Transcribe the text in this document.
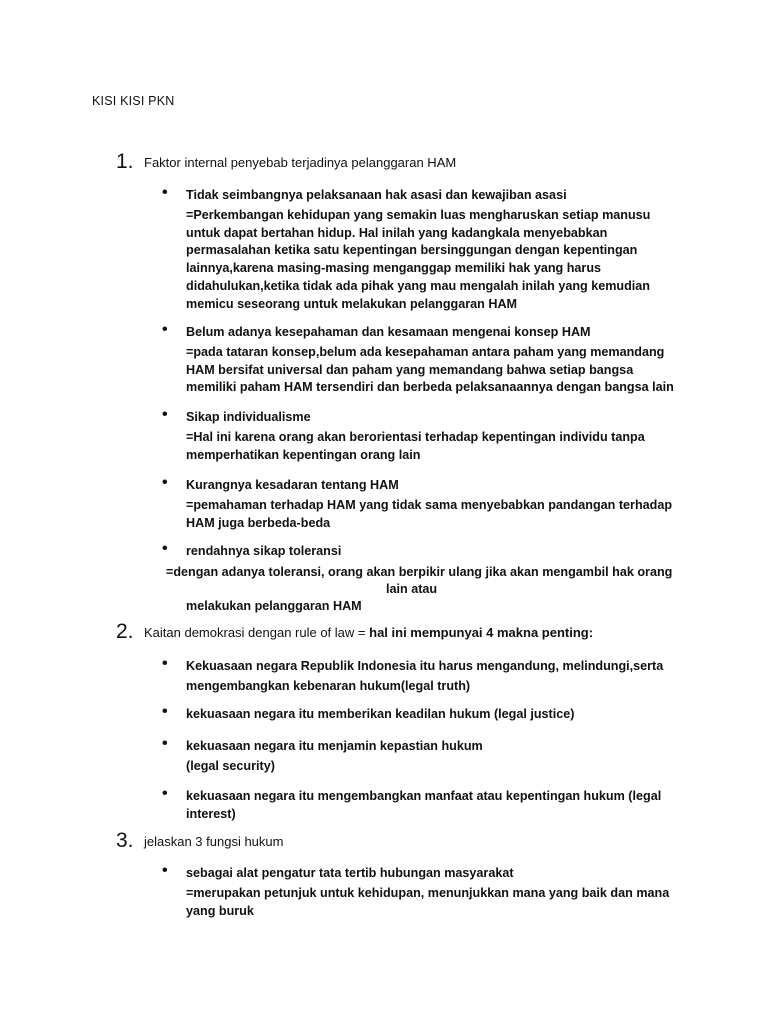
KISI KISI PKN
1. Faktor internal penyebab terjadinya pelanggaran HAM
• Tidak seimbangnya pelaksanaan hak asasi dan kewajiban asasi
=Perkembangan kehidupan yang semakin luas mengharuskan setiap manusu
untuk dapat bertahan hidup. Hal inilah yang kadangkala menyebabkan
permasalahan ketika satu kepentingan bersinggungan dengan kepentingan
lainnya,karena masing-masing menganggap memiliki hak yang harus
didahulukan,ketika tidak ada pihak yang mau mengalah inilah yang kemudian
memicu seseorang untuk melakukan pelanggaran HAM
• Belum adanya kesepahaman dan kesamaan mengenai konsep HAM
=pada tataran konsep,belum ada kesepahaman antara paham yang memandang
HAM bersifat universal dan paham yang memandang bahwa setiap bangsa
memiliki paham HAM tersendiri dan berbeda pelaksanaannya dengan bangsa lain
• Sikap individualisme
=Hal ini karena orang akan berorientasi terhadap kepentingan individu tanpa
memperhatikan kepentingan orang lain
• Kurangnya kesadaran tentang HAM
=pemahaman terhadap HAM yang tidak sama menyebabkan pandangan terhadap
HAM juga berbeda-beda
• rendahnya sikap toleransi
=dengan adanya toleransi, orang akan berpikir ulang jika akan mengambil hak orang
lain atau
melakukan pelanggaran HAM
2. Kaitan demokrasi dengan rule of law = hal ini mempunyai 4 makna penting:
• Kekuasaan negara Republik Indonesia itu harus mengandung, melindungi,serta
mengembangkan kebenaran hukum(legal truth)
• kekuasaan negara itu memberikan keadilan hukum (legal justice)
• kekuasaan negara itu menjamin kepastian hukum
(legal security)
• kekuasaan negara itu mengembangkan manfaat atau kepentingan hukum (legal
interest)
3. jelaskan 3 fungsi hukum
• sebagai alat pengatur tata tertib hubungan masyarakat
=merupakan petunjuk untuk kehidupan, menunjukkan mana yang baik dan mana
yang buruk
